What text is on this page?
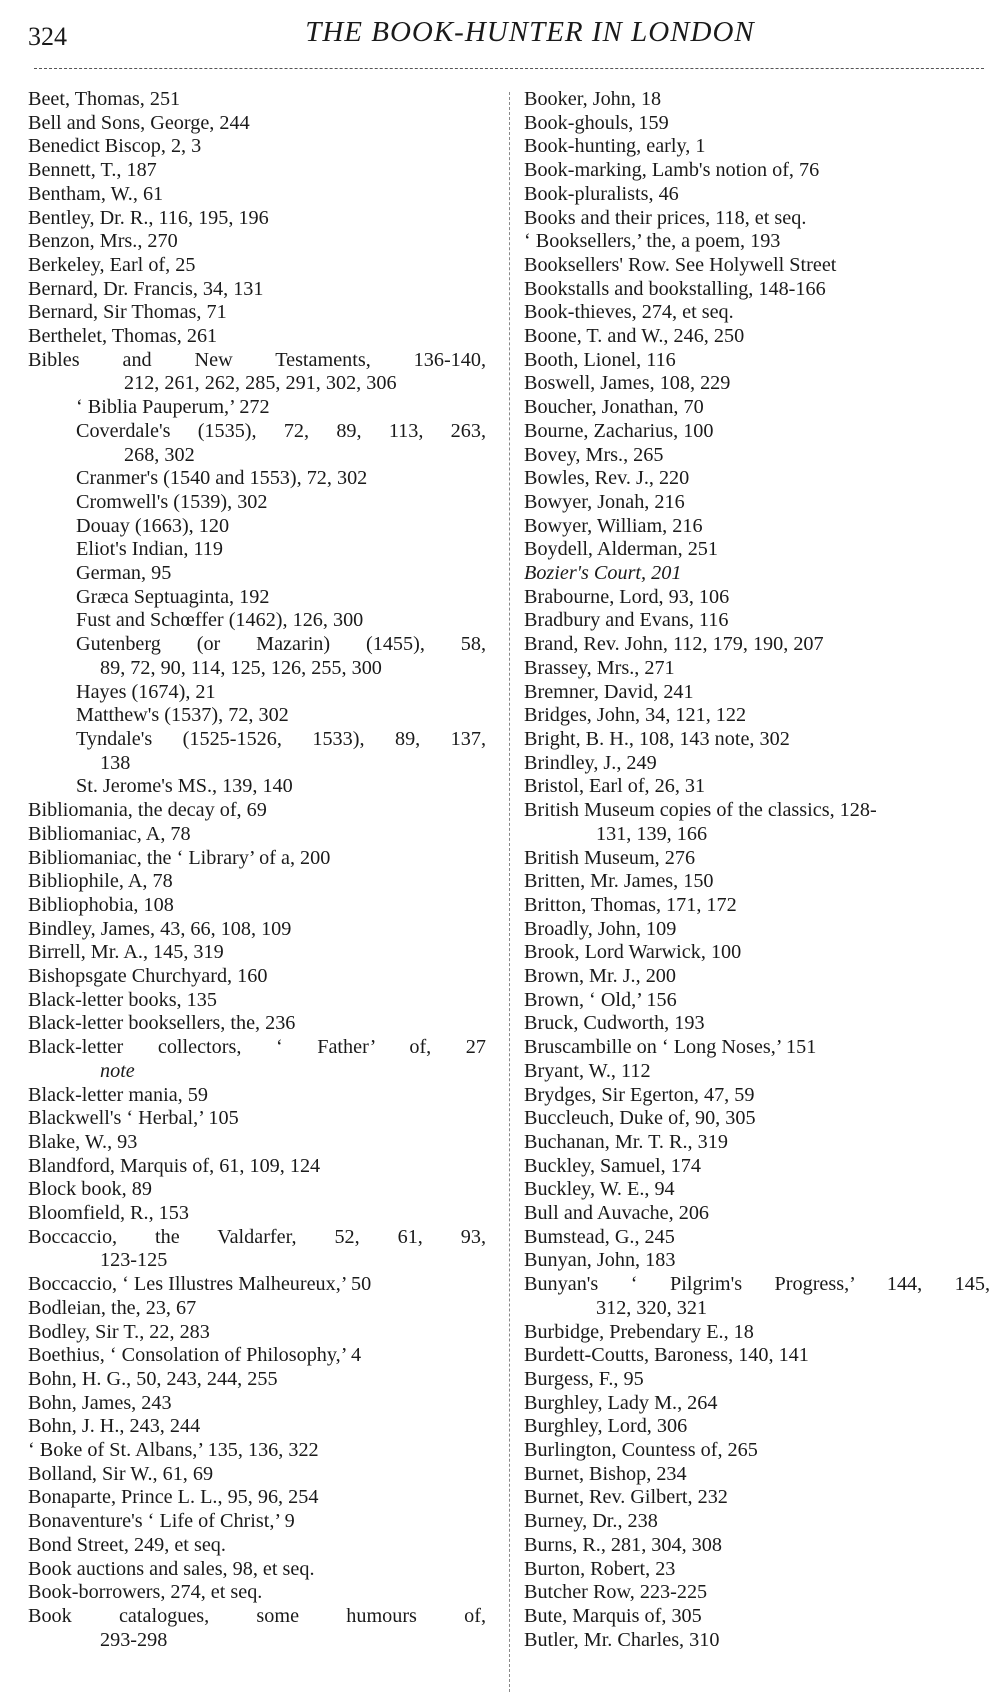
324	THE BOOK-HUNTER IN LONDON
Beet, Thomas, 251
Bell and Sons, George, 244
Benedict Biscop, 2, 3
Bennett, T., 187
Bentham, W., 61
Bentley, Dr. R., 116, 195, 196
Benzon, Mrs., 270
Berkeley, Earl of, 25
Bernard, Dr. Francis, 34, 131
Bernard, Sir Thomas, 71
Berthelet, Thomas, 261
Bibles and New Testaments, 136-140,
212, 261, 262, 285, 291, 302, 306
‘ Biblia Pauperum,’ 272
Coverdale's (1535), 72, 89, 113, 263,
268, 302
Cranmer's (1540 and 1553), 72, 302
Cromwell's (1539), 302
Douay (1663), 120
Eliot's Indian, 119
German, 95
Græca Septuaginta, 192
Fust and Schœffer (1462), 126, 300
Gutenberg (or Mazarin) (1455), 58,
89, 72, 90, 114, 125, 126, 255, 300
Hayes (1674), 21
Matthew's (1537), 72, 302
Tyndale's (1525-1526, 1533), 89, 137,
138
St. Jerome's MS., 139, 140
Bibliomania, the decay of, 69
Bibliomaniac, A, 78
Bibliomaniac, the ‘ Library’ of a, 200
Bibliophile, A, 78
Bibliophobia, 108
Bindley, James, 43, 66, 108, 109
Birrell, Mr. A., 145, 319
Bishopsgate Churchyard, 160
Black-letter books, 135
Black-letter booksellers, the, 236
Black-letter collectors, ‘ Father’ of, 27
note
Black-letter mania, 59
Blackwell's ‘ Herbal,’ 105
Blake, W., 93
Blandford, Marquis of, 61, 109, 124
Block book, 89
Bloomfield, R., 153
Boccaccio, the Valdarfer, 52, 61, 93,
123-125
Boccaccio, ‘ Les Illustres Malheureux,’ 50
Bodleian, the, 23, 67
Bodley, Sir T., 22, 283
Boethius, ‘ Consolation of Philosophy,’ 4
Bohn, H. G., 50, 243, 244, 255
Bohn, James, 243
Bohn, J. H., 243, 244
‘ Boke of St. Albans,’ 135, 136, 322
Bolland, Sir W., 61, 69
Bonaparte, Prince L. L., 95, 96, 254
Bonaventure's ‘ Life of Christ,’ 9
Bond Street, 249, et seq.
Book auctions and sales, 98, et seq.
Book-borrowers, 274, et seq.
Book catalogues, some humours of,
293-298
Booker, John, 18
Book-ghouls, 159
Book-hunting, early, 1
Book-marking, Lamb's notion of, 76
Book-pluralists, 46
Books and their prices, 118, et seq.
‘ Booksellers,’ the, a poem, 193
Booksellers' Row. See Holywell Street
Bookstalls and bookstalling, 148-166
Book-thieves, 274, et seq.
Boone, T. and W., 246, 250
Booth, Lionel, 116
Boswell, James, 108, 229
Boucher, Jonathan, 70
Bourne, Zacharius, 100
Bovey, Mrs., 265
Bowles, Rev. J., 220
Bowyer, Jonah, 216
Bowyer, William, 216
Boydell, Alderman, 251
Bozier's Court, 201
Brabourne, Lord, 93, 106
Bradbury and Evans, 116
Brand, Rev. John, 112, 179, 190, 207
Brassey, Mrs., 271
Bremner, David, 241
Bridges, John, 34, 121, 122
Bright, B. H., 108, 143 note, 302
Brindley, J., 249
Bristol, Earl of, 26, 31
British Museum copies of the classics, 128-
131, 139, 166
British Museum, 276
Britten, Mr. James, 150
Britton, Thomas, 171, 172
Broadly, John, 109
Brook, Lord Warwick, 100
Brown, Mr. J., 200
Brown, ‘ Old,’ 156
Bruck, Cudworth, 193
Bruscambille on ‘ Long Noses,’ 151
Bryant, W., 112
Brydges, Sir Egerton, 47, 59
Buccleuch, Duke of, 90, 305
Buchanan, Mr. T. R., 319
Buckley, Samuel, 174
Buckley, W. E., 94
Bull and Auvache, 206
Bumstead, G., 245
Bunyan, John, 183
Bunyan's ‘ Pilgrim's Progress,’ 144, 145,
312, 320, 321
Burbidge, Prebendary E., 18
Burdett-Coutts, Baroness, 140, 141
Burgess, F., 95
Burghley, Lady M., 264
Burghley, Lord, 306
Burlington, Countess of, 265
Burnet, Bishop, 234
Burnet, Rev. Gilbert, 232
Burney, Dr., 238
Burns, R., 281, 304, 308
Burton, Robert, 23
Butcher Row, 223-225
Bute, Marquis of, 305
Butler, Mr. Charles, 310
